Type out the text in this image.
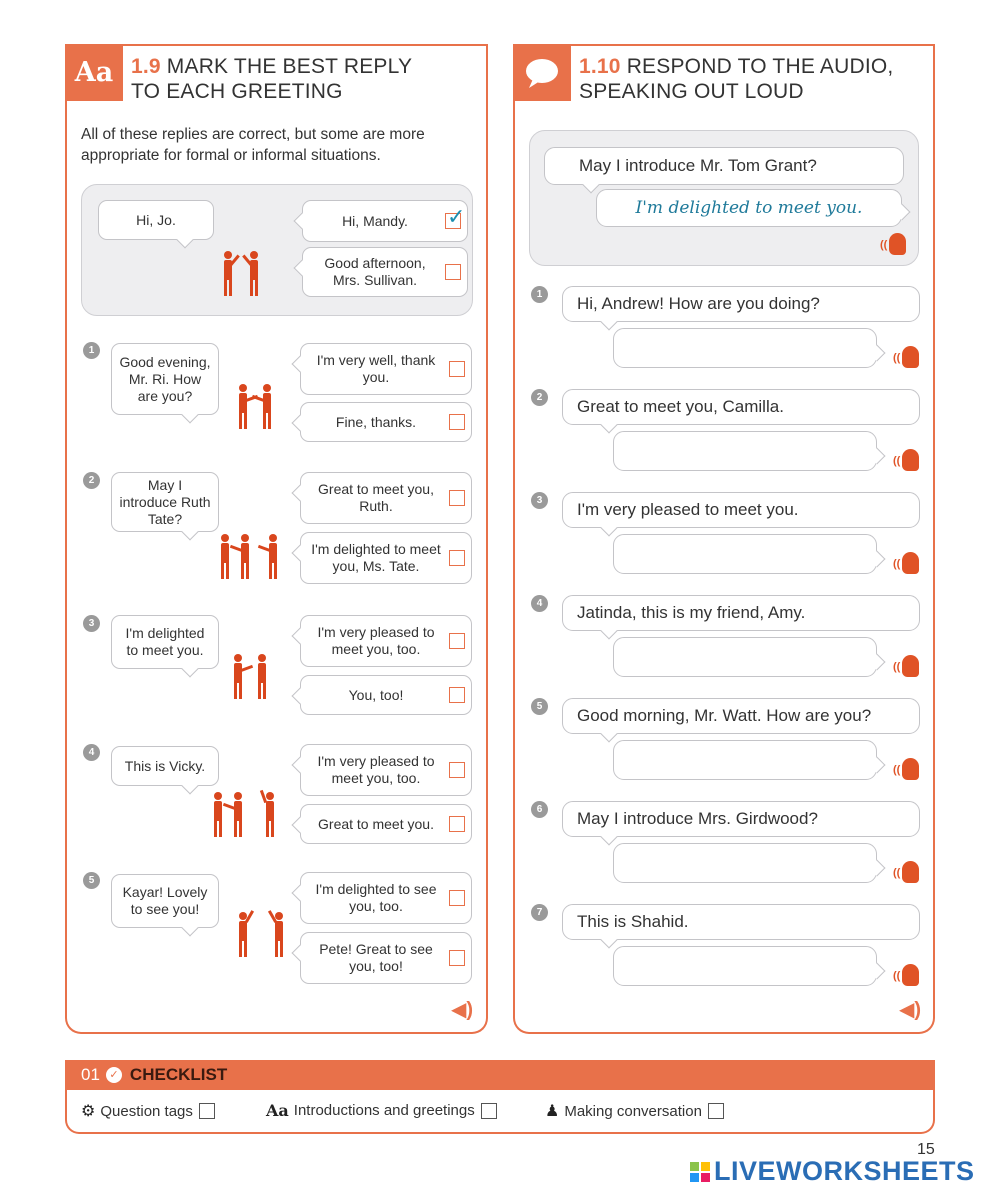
Aa 1.9 MARK THE BEST REPLY
TO EACH GREETING
All of these replies are correct, but some are more appropriate for formal or informal situations.
Hi, Jo.	Hi, Mandy. ✓
Good afternoon, Mrs. Sullivan.
1
Good evening, Mr. Ri. How are you?
I'm very well, thank you.
Fine, thanks.
2	May I introduce Ruth Tate?
Great to meet you, Ruth.
I'm delighted to meet you, Ms. Tate.
3
I'm delighted to meet you.
I'm very pleased to meet you, too.
You, too!
4
This is Vicky.	I'm very pleased to meet you, too.
Great to meet you.
5
Kayar! Lovely to see you!
I'm delighted to see you, too.
Pete! Great to see you, too!
◀)
1.10 RESPOND TO THE AUDIO,
SPEAKING OUT LOUD
May I introduce Mr. Tom Grant?
I'm delighted to meet you.
((
1	Hi, Andrew! How are you doing?
((
2	Great to meet you, Camilla.
((
3	I'm very pleased to meet you.
((
4	Jatinda, this is my friend, Amy.
((
5	Good morning, Mr. Watt. How are you?
((
6	May I introduce Mrs. Girdwood?
((
7	This is Shahid.
((
◀)
01 ✓ CHECKLIST
⚙ Question tags	Aa Introductions and greetings	♟ Making conversation
15
LIVEWORKSHEETS
